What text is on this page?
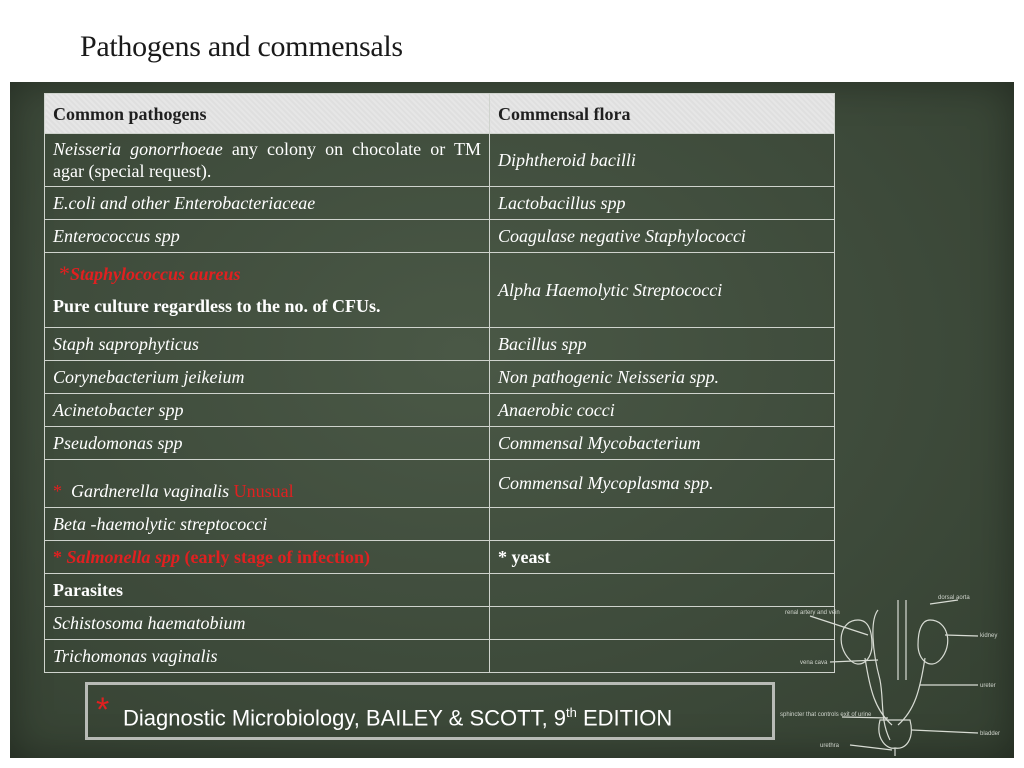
Pathogens and commensals
dorsal aorta
renal artery and vein
kidney
vena cava
ureter
sphincter that controls exit of urine
bladder
urethra
Common pathogens	Commensal flora
Neisseria gonorrhoeae any colony on chocolate or TM agar (special request).	Diphtheroid bacilli
E.coli and other Enterobacteriaceae	Lactobacillus spp
Enterococcus spp	Coagulase negative Staphylococci

*Staphylococcus aureus
Pure culture regardless to the no. of CFUs.	Alpha Haemolytic Streptococci
Staph saprophyticus	Bacillus spp
Corynebacterium jeikeium	Non pathogenic Neisseria spp.
Acinetobacter spp	Anaerobic cocci
Pseudomonas spp	Commensal Mycobacterium
* Gardnerella vaginalis Unusual	Commensal Mycoplasma spp.
Beta -haemolytic streptococci	
* Salmonella spp (early stage of infection)	* yeast
Parasites	
Schistosoma haematobium	
Trichomonas vaginalis	
* Diagnostic Microbiology, BAILEY & SCOTT, 9th EDITION
